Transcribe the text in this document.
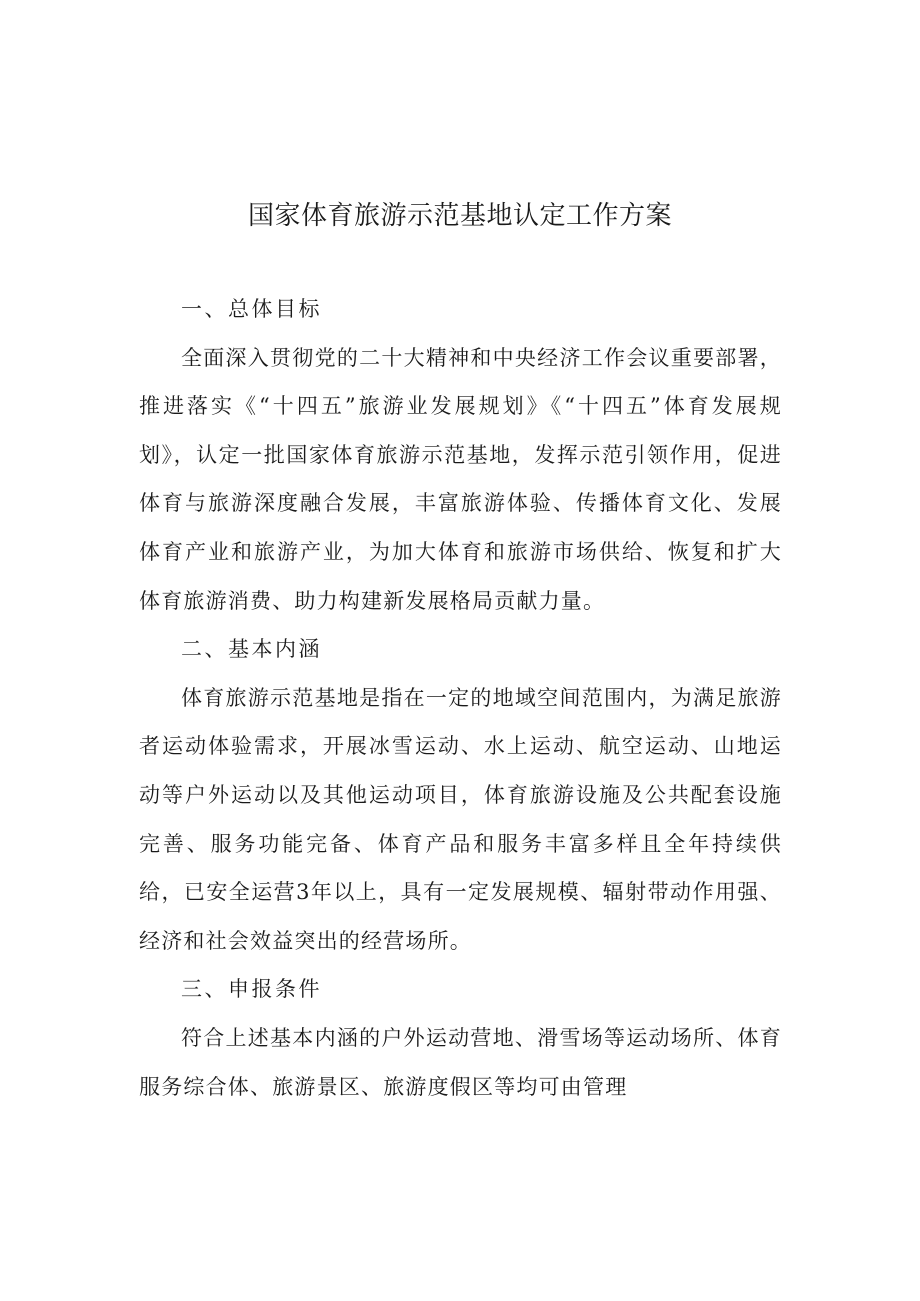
国家体育旅游示范基地认定工作方案

一、总体目标

全面深入贯彻党的二十大精神和中央经济工作会议重要部署，推进落实《“十四五”旅游业发展规划》《“十四五”体育发展规划》，认定一批国家体育旅游示范基地，发挥示范引领作用，促进体育与旅游深度融合发展，丰富旅游体验、传播体育文化、发展体育产业和旅游产业，为加大体育和旅游市场供给、恢复和扩大体育旅游消费、助力构建新发展格局贡献力量。

二、基本内涵

体育旅游示范基地是指在一定的地域空间范围内，为满足旅游者运动体验需求，开展冰雪运动、水上运动、航空运动、山地运动等户外运动以及其他运动项目，体育旅游设施及公共配套设施完善、服务功能完备、体育产品和服务丰富多样且全年持续供给，已安全运营3年以上，具有一定发展规模、辐射带动作用强、经济和社会效益突出的经营场所。

三、申报条件

符合上述基本内涵的户外运动营地、滑雪场等运动场所、体育服务综合体、旅游景区、旅游度假区等均可由管理
